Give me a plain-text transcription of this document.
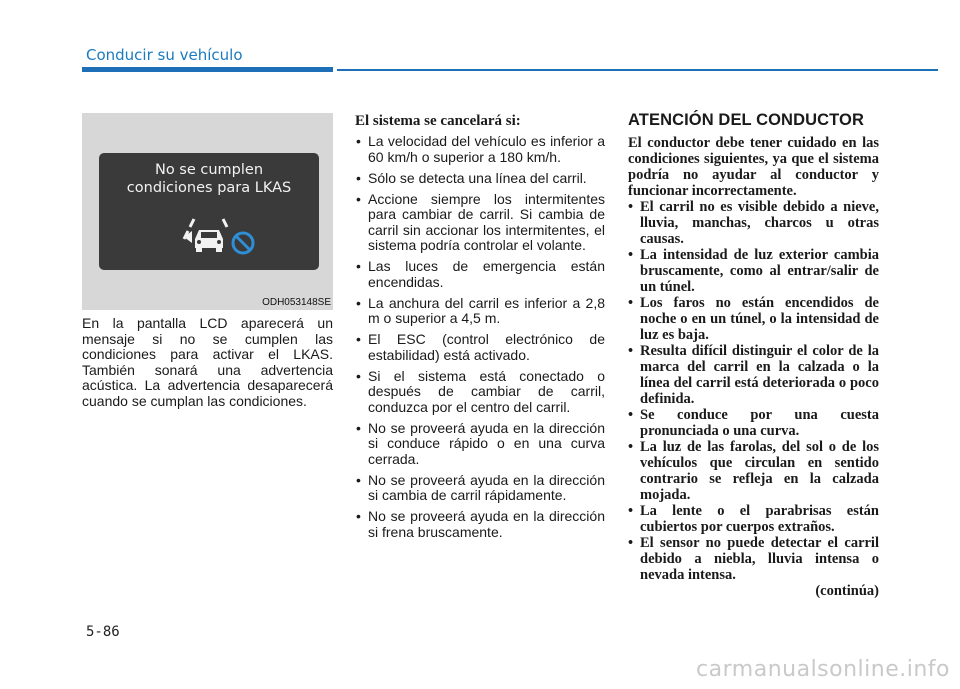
Conducir su vehículo
No se cumplen
condiciones para LKAS
ODH053148SE

En la pantalla LCD aparecerá un mensaje si no se cumplen las condiciones para activar el LKAS. También sonará una advertencia acústica. La advertencia desaparecerá cuando se cumplan las condiciones.

El sistema se cancelará si:

• La velocidad del vehículo es inferior a 60 km/h o superior a 180 km/h.
• Sólo se detecta una línea del carril.
• Accione siempre los intermitentes para cambiar de carril. Si cambia de carril sin accionar los intermitentes, el sistema podría controlar el volante.
• Las luces de emergencia están encendidas.
• La anchura del carril es inferior a 2,8 m o superior a 4,5 m.
• El ESC (control electrónico de estabilidad) está activado.
• Si el sistema está conectado o después de cambiar de carril, conduzca por el centro del carril.
• No se proveerá ayuda en la dirección si conduce rápido o en una curva cerrada.
• No se proveerá ayuda en la dirección si cambia de carril rápidamente.
• No se proveerá ayuda en la dirección si frena bruscamente.

ATENCIÓN DEL CONDUCTOR

El conductor debe tener cuidado en las condiciones siguientes, ya que el sistema podría no ayudar al conductor y funcionar incorrectamente.

• El carril no es visible debido a nieve, lluvia, manchas, charcos u otras causas.
• La intensidad de luz exterior cambia bruscamente, como al entrar/salir de un túnel.
• Los faros no están encendidos de noche o en un túnel, o la intensidad de luz es baja.
• Resulta difícil distinguir el color de la marca del carril en la calzada o la línea del carril está deteriorada o poco definida.
• Se conduce por una cuesta pronunciada o una curva.
• La luz de las farolas, del sol o de los vehículos que circulan en sentido contrario se refleja en la calzada mojada.
• La lente o el parabrisas están cubiertos por cuerpos extraños.
• El sensor no puede detectar el carril debido a niebla, lluvia intensa o nevada intensa.

(continúa)

5-86
carmanualsonline.info
